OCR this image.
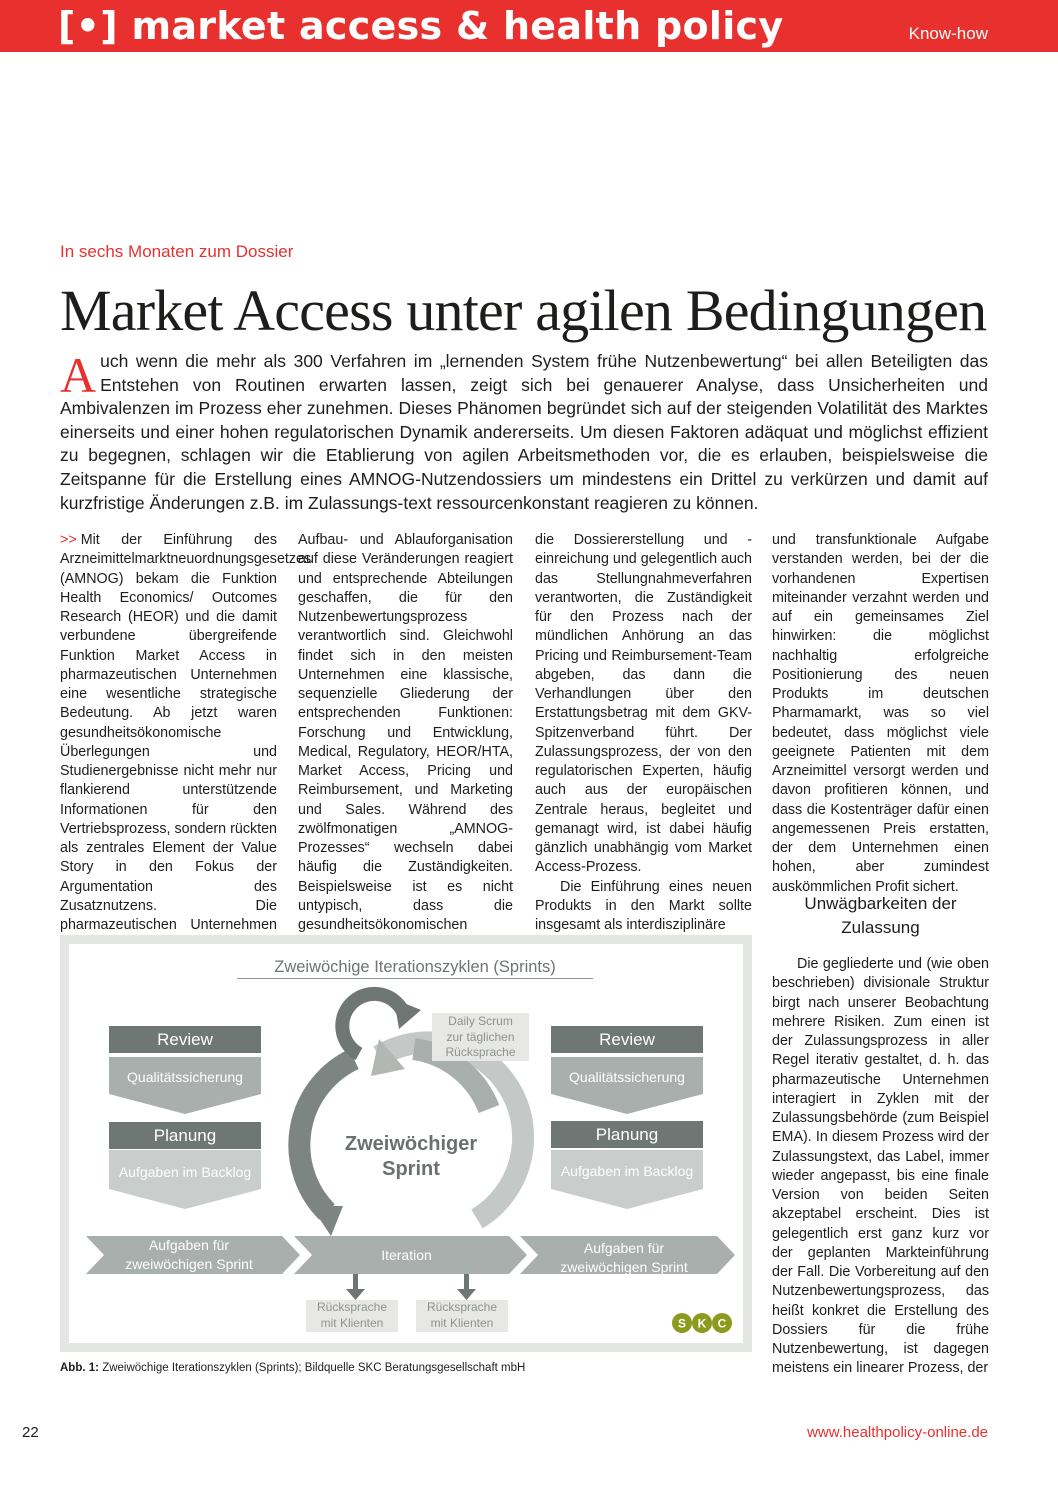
[•] market access & health policy	Know-how
In sechs Monaten zum Dossier
Market Access unter agilen Bedingungen
Auch wenn die mehr als 300 Verfahren im „lernenden System frühe Nutzenbewertung“ bei allen Beteiligten das Entstehen von Routinen erwarten lassen, zeigt sich bei genauerer Analyse, dass Unsicherheiten und Ambivalenzen im Prozess eher zunehmen. Dieses Phänomen begründet sich auf der steigenden Volatilität des Marktes einerseits und einer hohen regulatorischen Dynamik andererseits. Um diesen Faktoren adäquat und möglichst effizient zu begegnen, schlagen wir die Etablierung von agilen Arbeitsmethoden vor, die es erlauben, beispielsweise die Zeitspanne für die Erstellung eines AMNOG-Nutzendossiers um mindestens ein Drittel zu verkürzen und damit auf kurzfristige Änderungen z.B. im Zulassungs-text ressourcenkonstant reagieren zu können.
>> Mit der Einführung des Arzneimittelmarktneuordnungsgesetzes (AMNOG) bekam die Funktion Health Economics/ Outcomes Research (HEOR) und die damit verbundene übergreifende Funktion Market Access in pharmazeutischen Unternehmen eine wesentliche strategische Bedeutung. Ab jetzt waren gesundheitsökonomische Überlegungen und Studienergebnisse nicht mehr nur flankierend unterstützende Informationen für den Vertriebsprozess, sondern rückten als zentrales Element der Value Story in den Fokus der Argumentation des Zusatznutzens. Die pharmazeutischen Unternehmen
Aufbau- und Ablauforganisation auf diese Veränderungen reagiert und entsprechende Abteilungen geschaffen, die für den Nutzenbewertungsprozess verantwortlich sind. Gleichwohl findet sich in den meisten Unternehmen eine klassische, sequenzielle Gliederung der entsprechenden Funktionen: Forschung und Entwicklung, Medical, Regulatory, HEOR/HTA, Market Access, Pricing und Reimbursement, und Marketing und Sales. Während des zwölfmonatigen „AMNOG-Prozesses“ wechseln dabei häufig die Zuständigkeiten. Beispielsweise ist es nicht untypisch, dass die gesundheitsökonomischen
die Dossiererstellung und -einreichung und gelegentlich auch das Stellungnahmeverfahren verantworten, die Zuständigkeit für den Prozess nach der mündlichen Anhörung an das Pricing und Reimbursement-Team abgeben, das dann die Verhandlungen über den Erstattungsbetrag mit dem GKV-Spitzenverband führt. Der Zulassungsprozess, der von den regulatorischen Experten, häufig auch aus der europäischen Zentrale heraus, begleitet und gemanagt wird, ist dabei häufig gänzlich unabhängig vom Market Access-Prozess.
Die Einführung eines neuen Produkts in den Markt sollte insgesamt als interdisziplinäre
und transfunktionale Aufgabe verstanden werden, bei der die vorhandenen Expertisen miteinander verzahnt werden und auf ein gemeinsames Ziel hinwirken: die möglichst nachhaltig erfolgreiche Positionierung des neuen Produkts im deutschen Pharmamarkt, was so viel bedeutet, dass möglichst viele geeignete Patienten mit dem Arzneimittel versorgt werden und davon profitieren können, und dass die Kostenträger dafür einen angemessenen Preis erstatten, der dem Unternehmen einen hohen, aber zumindest auskömmlichen Profit sichert.
Unwägbarkeiten der Zulassung
Die gegliederte und (wie oben beschrieben) divisionale Struktur birgt nach unserer Beobachtung mehrere Risiken. Zum einen ist der Zulassungsprozess in aller Regel iterativ gestaltet, d. h. das pharmazeutische Unternehmen interagiert in Zyklen mit der Zulassungsbehörde (zum Beispiel EMA). In diesem Prozess wird der Zulassungstext, das Label, immer wieder angepasst, bis eine finale Version von beiden Seiten akzeptabel erscheint. Dies ist gelegentlich erst ganz kurz vor der geplanten Markteinführung der Fall. Die Vorbereitung auf den Nutzenbewertungsprozess, das heißt konkret die Erstellung des Dossiers für die frühe Nutzenbewertung, ist dagegen meistens ein linearer Prozess, der
Zweiwöchige Iterationszyklen (Sprints)
Review
Qualitätssicherung
Planung
Aufgaben im Backlog
Review
Qualitätssicherung
Planung
Aufgaben im Backlog
Aufgaben für
zweiwöchigen Sprint
Iteration	Aufgaben für
zweiwöchigen Sprint
Daily Scrum
zur täglichen
Rücksprache
Zweiwöchiger
Sprint
Rücksprache
mit Klienten
Rücksprache
mit Klienten	S K C
Abb. 1: Zweiwöchige Iterationszyklen (Sprints); Bildquelle SKC Beratungsgesellschaft mbH
22	www.healthpolicy-online.de
